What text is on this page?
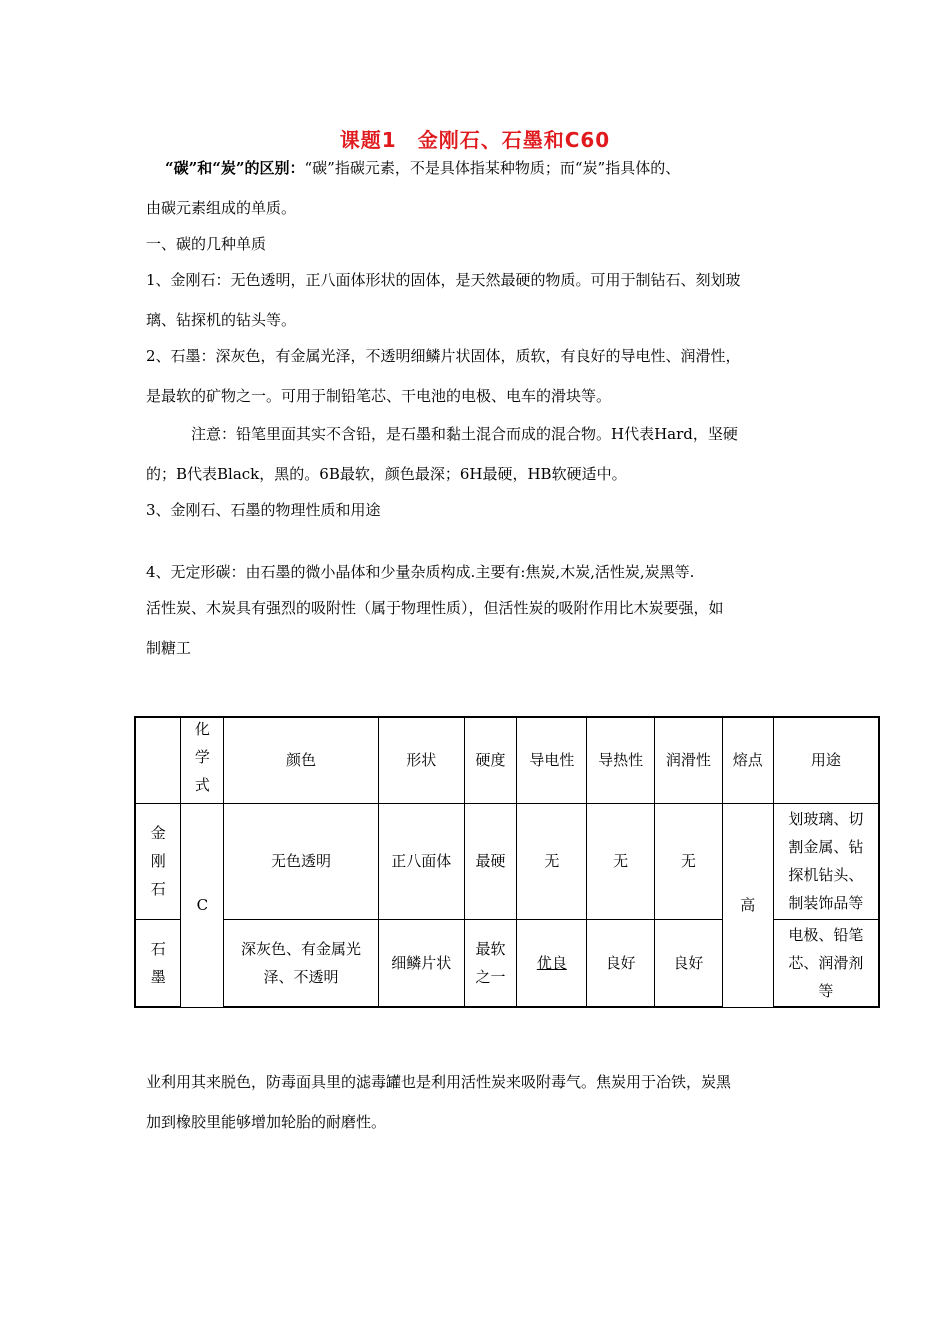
课题1　金刚石、石墨和C60
“碳”和“炭”的区别：“碳”指碳元素，不是具体指某种物质；而“炭”指具体的、
由碳元素组成的单质。
一、碳的几种单质
1、金刚石：无色透明，正八面体形状的固体，是天然最硬的物质。可用于制钻石、刻划玻
璃、钻探机的钻头等。
2、石墨：深灰色，有金属光泽，不透明细鳞片状固体，质软，有良好的导电性、润滑性，
是最软的矿物之一。可用于制铅笔芯、干电池的电极、电车的滑块等。
注意：铅笔里面其实不含铅，是石墨和黏土混合而成的混合物。H代表Hard，坚硬
的；B代表Black，黑的。6B最软，颜色最深；6H最硬，HB软硬适中。
3、金刚石、石墨的物理性质和用途
4、无定形碳：由石墨的微小晶体和少量杂质构成.主要有:焦炭,木炭,活性炭,炭黑等.
活性炭、木炭具有强烈的吸附性（属于物理性质），但活性炭的吸附作用比木炭要强，如
制糖工

	化
学
式	颜色	形状	硬度	导电性	导热性	润滑性	熔点	用途
金
刚
石	C	无色透明	正八面体	最硬	无	无	无	高	划玻璃、切
割金属、钻
探机钻头、
制装饰品等
石
墨		深灰色、有金属光
泽、不透明	细鳞片状	最软
之一	优良	良好	良好		电极、铅笔
芯、润滑剂
等
业利用其来脱色，防毒面具里的滤毒罐也是利用活性炭来吸附毒气。焦炭用于冶铁，炭黑
加到橡胶里能够增加轮胎的耐磨性。
